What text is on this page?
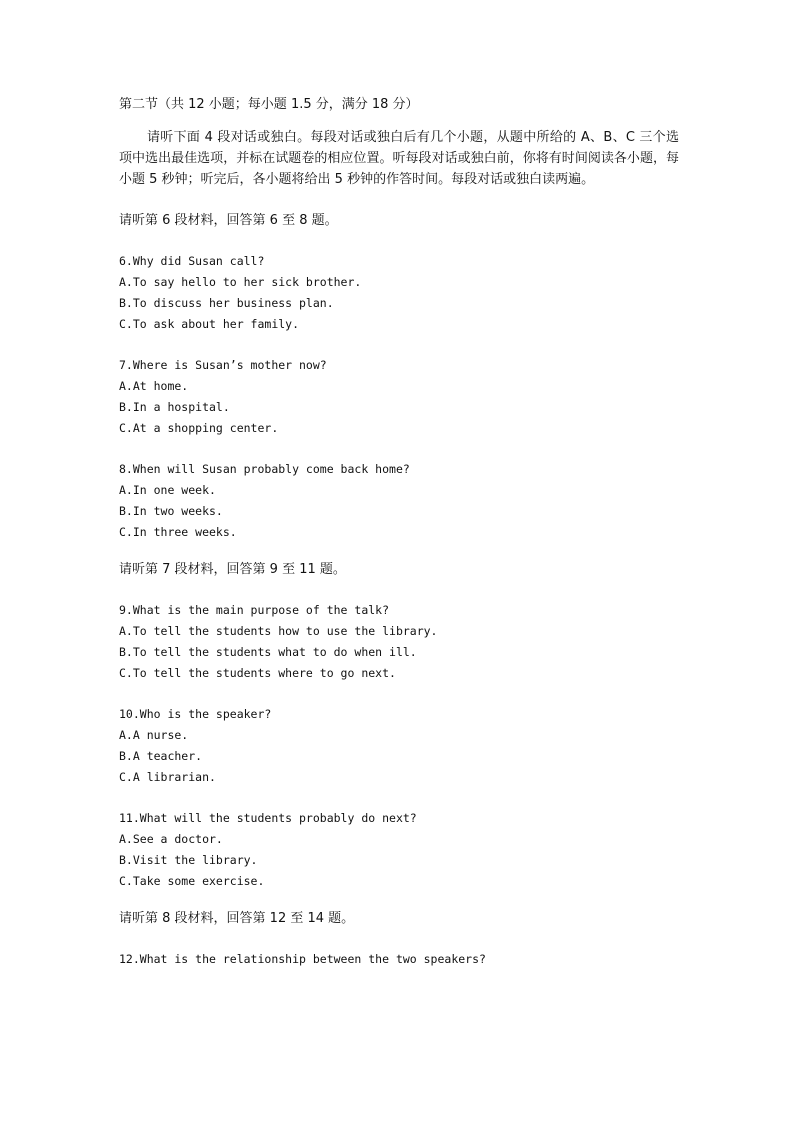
第二节（共 12 小题；每小题 1.5 分，满分 18 分）

请听下面 4 段对话或独白。每段对话或独白后有几个小题，从题中所给的 A、B、C 三个选项中选出最佳选项，并标在试题卷的相应位置。听每段对话或独白前，你将有时间阅读各小题，每小题 5 秒钟；听完后，各小题将给出 5 秒钟的作答时间。每段对话或独白读两遍。

请听第 6 段材料，回答第 6 至 8 题。

6.Why did Susan call?

A.To say hello to her sick brother.

B.To discuss her business plan.

C.To ask about her family.

7.Where is Susan’s mother now?

A.At home.

B.In a hospital.

C.At a shopping center.

8.When will Susan probably come back home?

A.In one week.

B.In two weeks.

C.In three weeks.

请听第 7 段材料，回答第 9 至 11 题。

9.What is the main purpose of the talk?

A.To tell the students how to use the library.

B.To tell the students what to do when ill.

C.To tell the students where to go next.

10.Who is the speaker?

A.A nurse.

B.A teacher.

C.A librarian.

11.What will the students probably do next?

A.See a doctor.

B.Visit the library.

C.Take some exercise.

请听第 8 段材料，回答第 12 至 14 题。

12.What is the relationship between the two speakers?
